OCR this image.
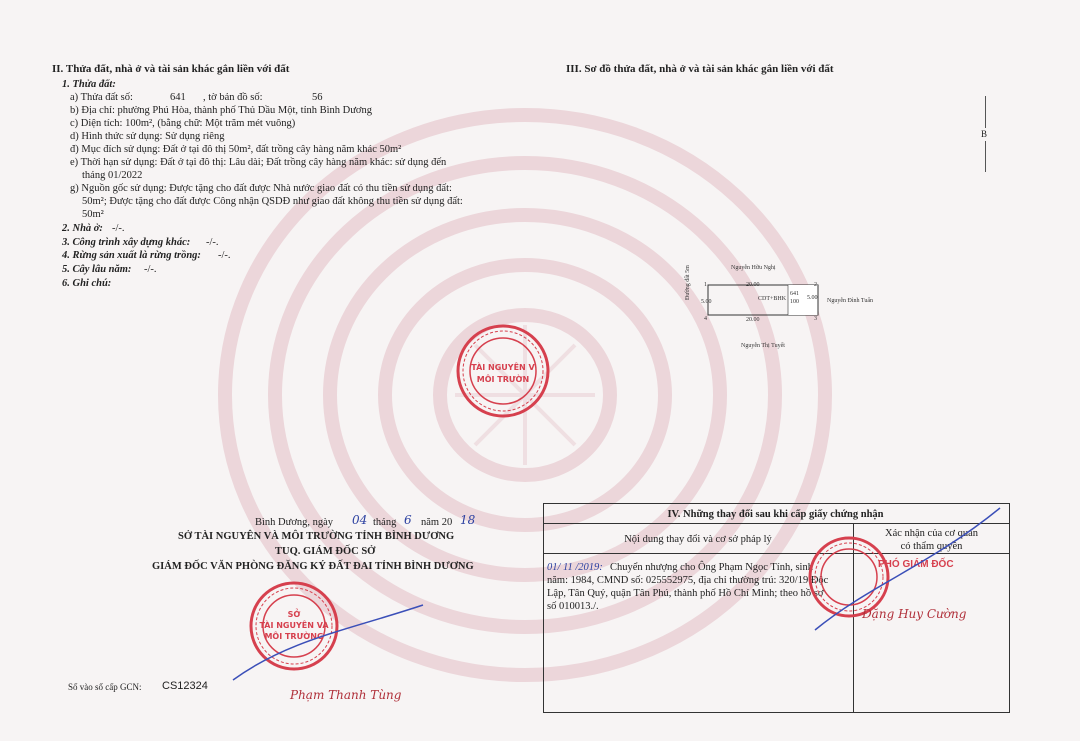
II. Thửa đất, nhà ở và tài sản khác gắn liền với đất
1. Thửa đất:
a) Thửa đất số:	641 , tờ bản đồ số:	56
b) Địa chỉ: phường Phú Hòa, thành phố Thủ Dầu Một, tỉnh Bình Dương
c) Diện tích: 100m², (bằng chữ: Một trăm mét vuông)
d) Hình thức sử dụng: Sử dụng riêng
đ) Mục đích sử dụng: Đất ở tại đô thị 50m², đất trồng cây hàng năm khác 50m²
e) Thời hạn sử dụng: Đất ở tại đô thị: Lâu dài; Đất trồng cây hàng năm khác: sử dụng đến
tháng 01/2022
g) Nguồn gốc sử dụng: Được tặng cho đất được Nhà nước giao đất có thu tiền sử dụng đất:
50m²; Được tặng cho đất được Công nhận QSDĐ như giao đất không thu tiền sử dụng đất:
50m²
2. Nhà ở: -/-.
3. Công trình xây dựng khác: -/-.
4. Rừng sản xuất là rừng trồng: -/-.
5. Cây lâu năm: -/-.
6. Ghi chú:
III. Sơ đồ thửa đất, nhà ở và tài sản khác gắn liền với đất
B
Nguyễn Hữu Nghị
Nguyễn Đình Tuấn
Nguyễn Thị Tuyết
Đường đất 5m	20.00
20.00
5.00
5.00
CDT+BHK
641
100
1	2
3
4
TÀI NGUYÊN V
MÔI TRƯỜN
Bình Dương, ngày 04 tháng 6 năm 20 18
SỞ TÀI NGUYÊN VÀ MÔI TRƯỜNG TỈNH BÌNH DƯƠNG
TUQ. GIÁM ĐỐC SỞ
GIÁM ĐỐC VĂN PHÒNG ĐĂNG KÝ ĐẤT ĐAI TỈNH BÌNH DƯƠNG
SỞ
TÀI NGUYÊN VÀ
MÔI TRƯỜNG
Phạm Thanh Tùng
Số vào sổ cấp GCN: CS12324
IV. Những thay đổi sau khi cấp giấy chứng nhận
Nội dung thay đổi và cơ sở pháp lý
Xác nhận của cơ quan
có thẩm quyền
01/ 11 /2019: Chuyển nhượng cho Ông Phạm Ngọc Tính, sinh
năm: 1984, CMND số: 025552975, địa chỉ thường trú: 320/19 Độc
Lập, Tân Quý, quận Tân Phú, thành phố Hồ Chí Minh; theo hồ sơ
số 010013./.
PHÓ GIÁM ĐỐC
Đặng Huy Cường
